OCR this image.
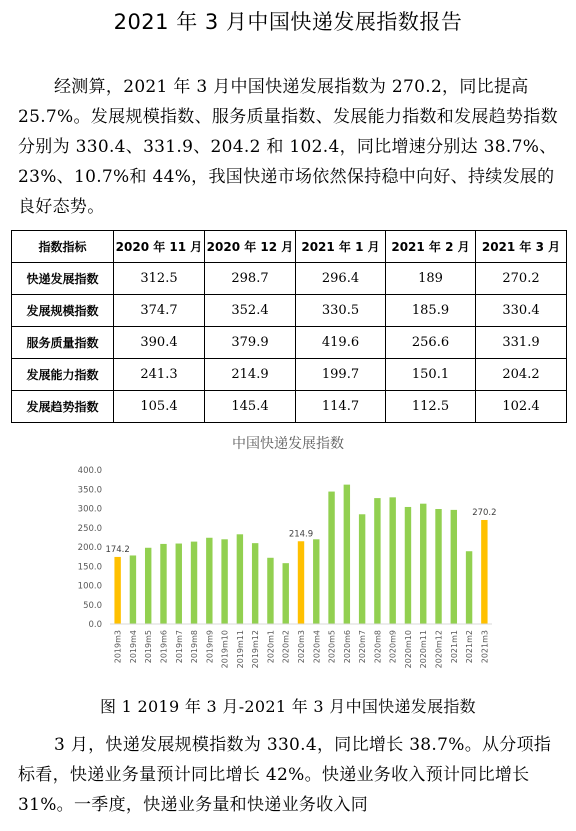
2021 年 3 月中国快递发展指数报告

经测算，2021 年 3 月中国快递发展指数为 270.2，同比提高 25.7%。发展规模指数、服务质量指数、发展能力指数和发展趋势指数分别为 330.4、331.9、204.2 和 102.4，同比增速分别达 38.7%、23%、10.7%和 44%，我国快递市场依然保持稳中向好、持续发展的良好态势。

指数指标	2020 年 11 月	2020 年 12 月	2021 年 1 月	2021 年 2 月	2021 年 3 月
快递发展指数	312.5	298.7	296.4	189	270.2
发展规模指数	374.7	352.4	330.5	185.9	330.4
服务质量指数	390.4	379.9	419.6	256.6	331.9
发展能力指数	241.3	214.9	199.7	150.1	204.2
发展趋势指数	105.4	145.4	114.7	112.5	102.4
中国快递发展指数
0.0
50.0
100.0
150.0
200.0
250.0
300.0
350.0
400.0
174.2
214.9
270.2
2019m3 2019m4 2019m5 2019m6 2019m7 2019m8 2019m9 2019m10 2019m11 2019m12 2020m1 2020m2 2020m3 2020m4 2020m5 2020m6 2020m7 2020m8 2020m9 2020m10 2020m11 2020m12 2021m1 2021m2 2021m3
图 1 2019 年 3 月-2021 年 3 月中国快递发展指数

3 月，快递发展规模指数为 330.4，同比增长 38.7%。从分项指标看，快递业务量预计同比增长 42%。快递业务收入预计同比增长 31%。一季度，快递业务量和快递业务收入同
